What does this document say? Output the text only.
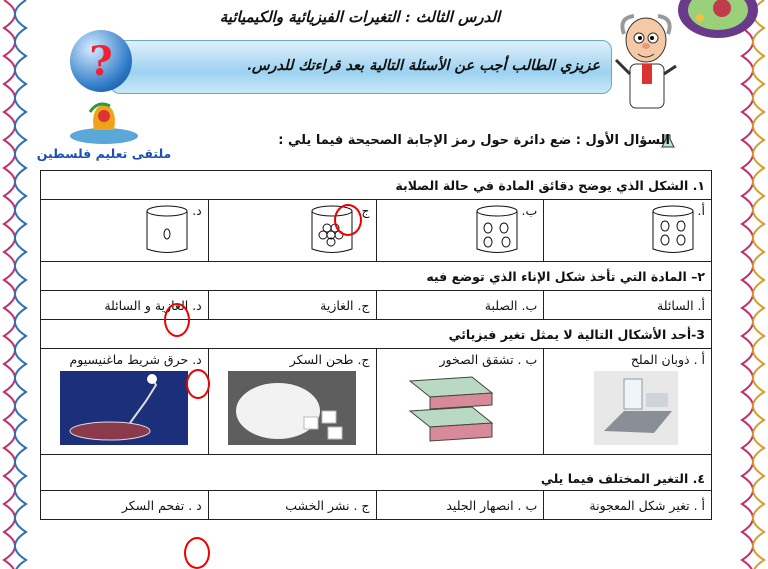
الدرس الثالث : التغيرات الفيزيائية والكيميائية
عزيزي الطالب أجب عن الأسئلة التالية بعد قراءتك للدرس.
?
ملتقى تعليم فلسطين
السؤال الأول : ضع دائرة حول رمز الإجابة الصحيحة فيما يلي :
١. الشكل الذي يوضح دقائق المادة في حالة الصلابة			
أ.	ب.	ج.	د.

٢– المادة التي تأخذ شكل الإناء الذي توضع فيه			
أ. السائلة	ب. الصلبة	ج. الغازية	د. الغازية و السائلة
3-أحد الأشكال التالية لا يمثل تغير فيزيائي			
أ . ذوبان الملح	ب . تشقق الصخور	ج. طحن السكر	د. حرق شريط ماغنيسيوم

٤. التغير المختلف فيما يلي			
أ . تغير شكل المعجونة	ب . انصهار الجليد	ج . نشر الخشب	د . تفحم السكر
